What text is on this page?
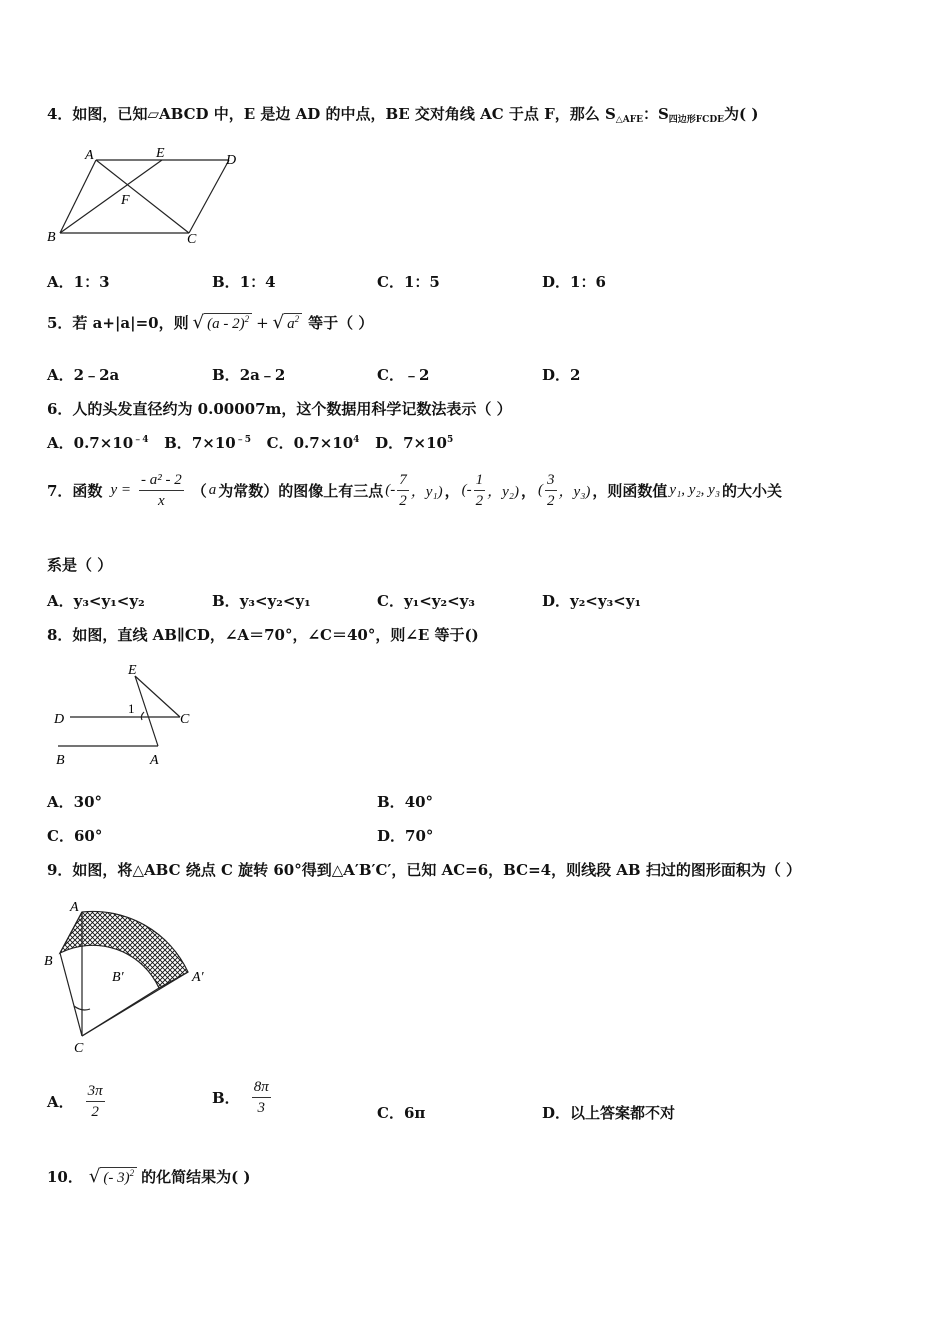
4．如图，已知▱ABCD 中，E 是边 AD 的中点，BE 交对角线 AC 于点 F，那么 $S_{\triangle AFE}$：$S_{四边形FCDE}$为( )
A	E	D
F
B	C
A．1：3	B．1：4	C．1：5	D．1：6
5．若 a+|a|=0，则 √ (a - 2)$^2$ + √ $a^2$ 等于（ ）
A．2﹣2a	B．2a﹣2	C．﹣2	D．2
6．人的头发直径约为 0.00007m，这个数据用科学记数法表示（ ）
A．$0.7\times 10^{﹣4}$ B．$7\times 10^{﹣5}$ C．$0.7\times 10^4$ D．$7\times 10^5$
7．函数 $y = \frac{\text{- a² - 2}}{x}$ （ a 为常数）的图像上有三点 (- $\frac{7}{2}$ ，y₁) ， (- $\frac{1}{2}$ ，y₂) ， ( $\frac{3}{2}$ ，y₃) ，则函数值 y₁, y₂, y₃ 的大小关
系是（ ）
A．y₃<y₁<y₂	B．y₃<y₂<y₁	C．y₁<y₂<y₃	D．y₂<y₃<y₁
8．如图，直线 AB∥CD，∠A＝70°，∠C＝40°，则∠E 等于()
E
D
1
C
B	A
A．30°	B．40°
C．60°	D．70°
9．如图，将△ABC 绕点 C 旋转 60°得到△A′B′C′，已知 AC=6，BC=4，则线段 AB 扫过的图形面积为（ ）
A
B
B′	A′
C
A． $\frac{3\pi}{2}$	B． $\frac{8\pi}{3}$	C．6π	D．以上答案都不对
10． √ (- 3)$^2$ 的化简结果为( )
